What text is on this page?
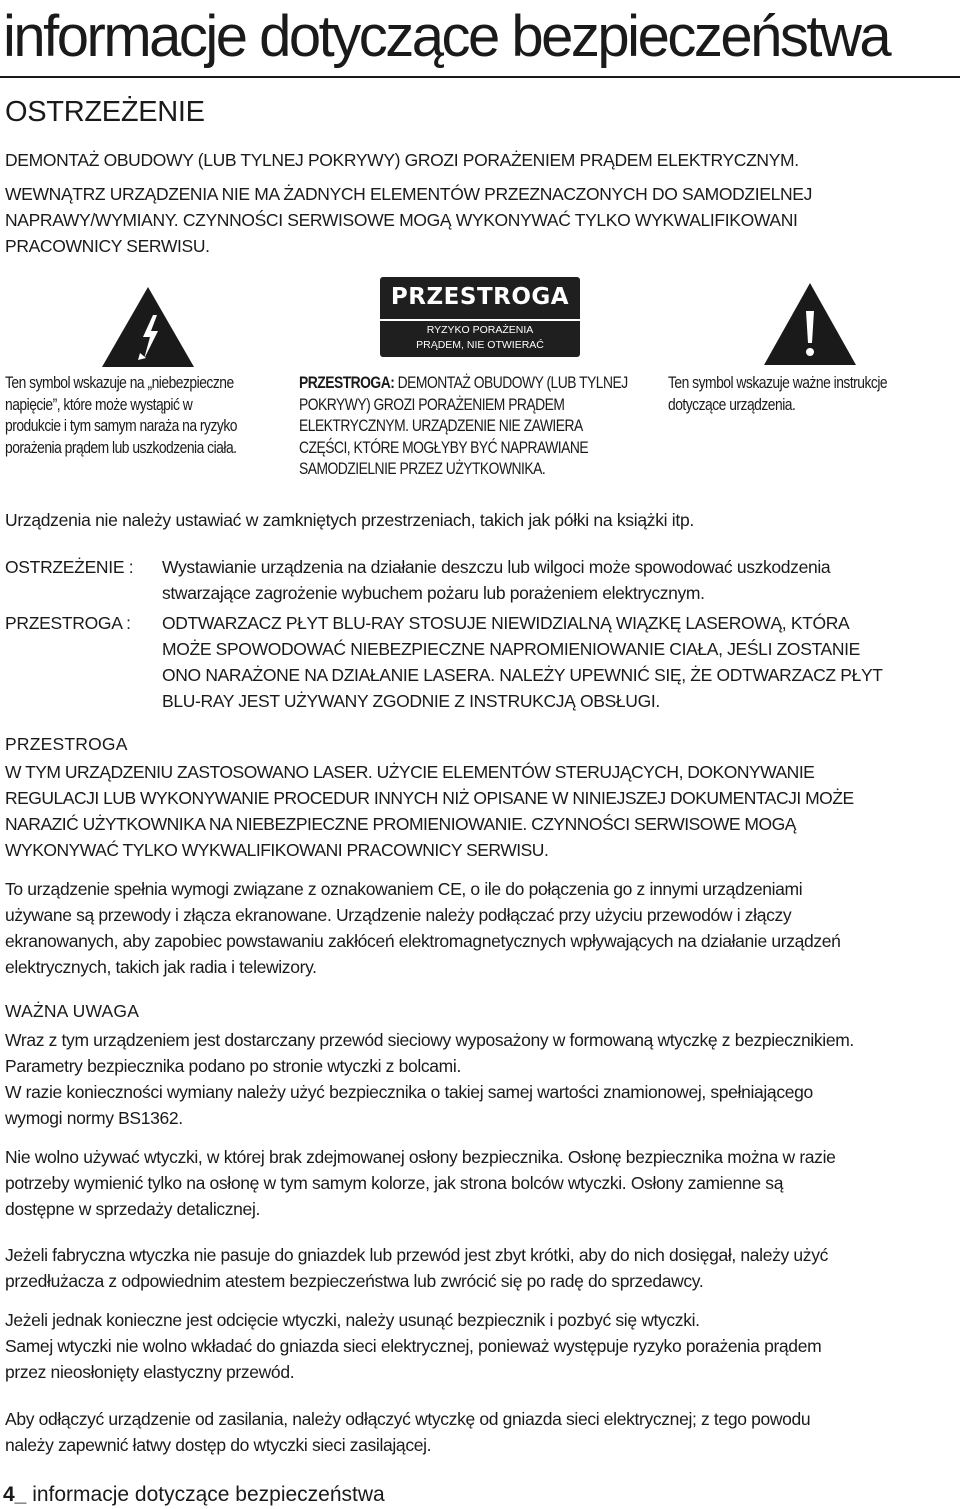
informacje dotyczące bezpieczeństwa
OSTRZEŻENIE
DEMONTAŻ OBUDOWY (LUB TYLNEJ POKRYWY) GROZI PORAŻENIEM PRĄDEM ELEKTRYCZNYM.
WEWNĄTRZ URZĄDZENIA NIE MA ŻADNYCH ELEMENTÓW PRZEZNACZONYCH DO SAMODZIELNEJ
NAPRAWY/WYMIANY. CZYNNOŚCI SERWISOWE MOGĄ WYKONYWAĆ TYLKO WYKWALIFIKOWANI
PRACOWNICY SERWISU.
PRZESTROGA
RYZYKO PORAŻENIA
PRĄDEM, NIE OTWIERAĆ
Ten symbol wskazuje na „niebezpieczne
napięcie”, które może wystąpić w
produkcie i tym samym naraża na ryzyko
porażenia prądem lub uszkodzenia ciała.
PRZESTROGA: DEMONTAŻ OBUDOWY (LUB TYLNEJ
POKRYWY) GROZI PORAŻENIEM PRĄDEM
ELEKTRYCZNYM. URZĄDZENIE NIE ZAWIERA
CZĘŚCI, KTÓRE MOGŁYBY BYĆ NAPRAWIANE
SAMODZIELNIE PRZEZ UŻYTKOWNIKA.
Ten symbol wskazuje ważne instrukcje
dotyczące urządzenia.
Urządzenia nie należy ustawiać w zamkniętych przestrzeniach, takich jak półki na książki itp.
OSTRZEŻENIE : Wystawianie urządzenia na działanie deszczu lub wilgoci może spowodować uszkodzenia
stwarzające zagrożenie wybuchem pożaru lub porażeniem elektrycznym.
PRZESTROGA : ODTWARZACZ PŁYT BLU-RAY STOSUJE NIEWIDZIALNĄ WIĄZKĘ LASEROWĄ, KTÓRA
MOŻE SPOWODOWAĆ NIEBEZPIECZNE NAPROMIENIOWANIE CIAŁA, JEŚLI ZOSTANIE
ONO NARAŻONE NA DZIAŁANIE LASERA. NALEŻY UPEWNIĆ SIĘ, ŻE ODTWARZACZ PŁYT
BLU-RAY JEST UŻYWANY ZGODNIE Z INSTRUKCJĄ OBSŁUGI.
PRZESTROGA
W TYM URZĄDZENIU ZASTOSOWANO LASER. UŻYCIE ELEMENTÓW STERUJĄCYCH, DOKONYWANIE
REGULACJI LUB WYKONYWANIE PROCEDUR INNYCH NIŻ OPISANE W NINIEJSZEJ DOKUMENTACJI MOŻE
NARAZIĆ UŻYTKOWNIKA NA NIEBEZPIECZNE PROMIENIOWANIE. CZYNNOŚCI SERWISOWE MOGĄ
WYKONYWAĆ TYLKO WYKWALIFIKOWANI PRACOWNICY SERWISU.
To urządzenie spełnia wymogi związane z oznakowaniem CE, o ile do połączenia go z innymi urządzeniami
używane są przewody i złącza ekranowane. Urządzenie należy podłączać przy użyciu przewodów i złączy
ekranowanych, aby zapobiec powstawaniu zakłóceń elektromagnetycznych wpływających na działanie urządzeń
elektrycznych, takich jak radia i telewizory.
WAŻNA UWAGA
Wraz z tym urządzeniem jest dostarczany przewód sieciowy wyposażony w formowaną wtyczkę z bezpiecznikiem.
Parametry bezpiecznika podano po stronie wtyczki z bolcami.
W razie konieczności wymiany należy użyć bezpiecznika o takiej samej wartości znamionowej, spełniającego
wymogi normy BS1362.
Nie wolno używać wtyczki, w której brak zdejmowanej osłony bezpiecznika. Osłonę bezpiecznika można w razie
potrzeby wymienić tylko na osłonę w tym samym kolorze, jak strona bolców wtyczki. Osłony zamienne są
dostępne w sprzedaży detalicznej.
Jeżeli fabryczna wtyczka nie pasuje do gniazdek lub przewód jest zbyt krótki, aby do nich dosięgał, należy użyć
przedłużacza z odpowiednim atestem bezpieczeństwa lub zwrócić się po radę do sprzedawcy.
Jeżeli jednak konieczne jest odcięcie wtyczki, należy usunąć bezpiecznik i pozbyć się wtyczki.
Samej wtyczki nie wolno wkładać do gniazda sieci elektrycznej, ponieważ występuje ryzyko porażenia prądem
przez nieosłonięty elastyczny przewód.
Aby odłączyć urządzenie od zasilania, należy odłączyć wtyczkę od gniazda sieci elektrycznej; z tego powodu
należy zapewnić łatwy dostęp do wtyczki sieci zasilającej.
4_ informacje dotyczące bezpieczeństwa
